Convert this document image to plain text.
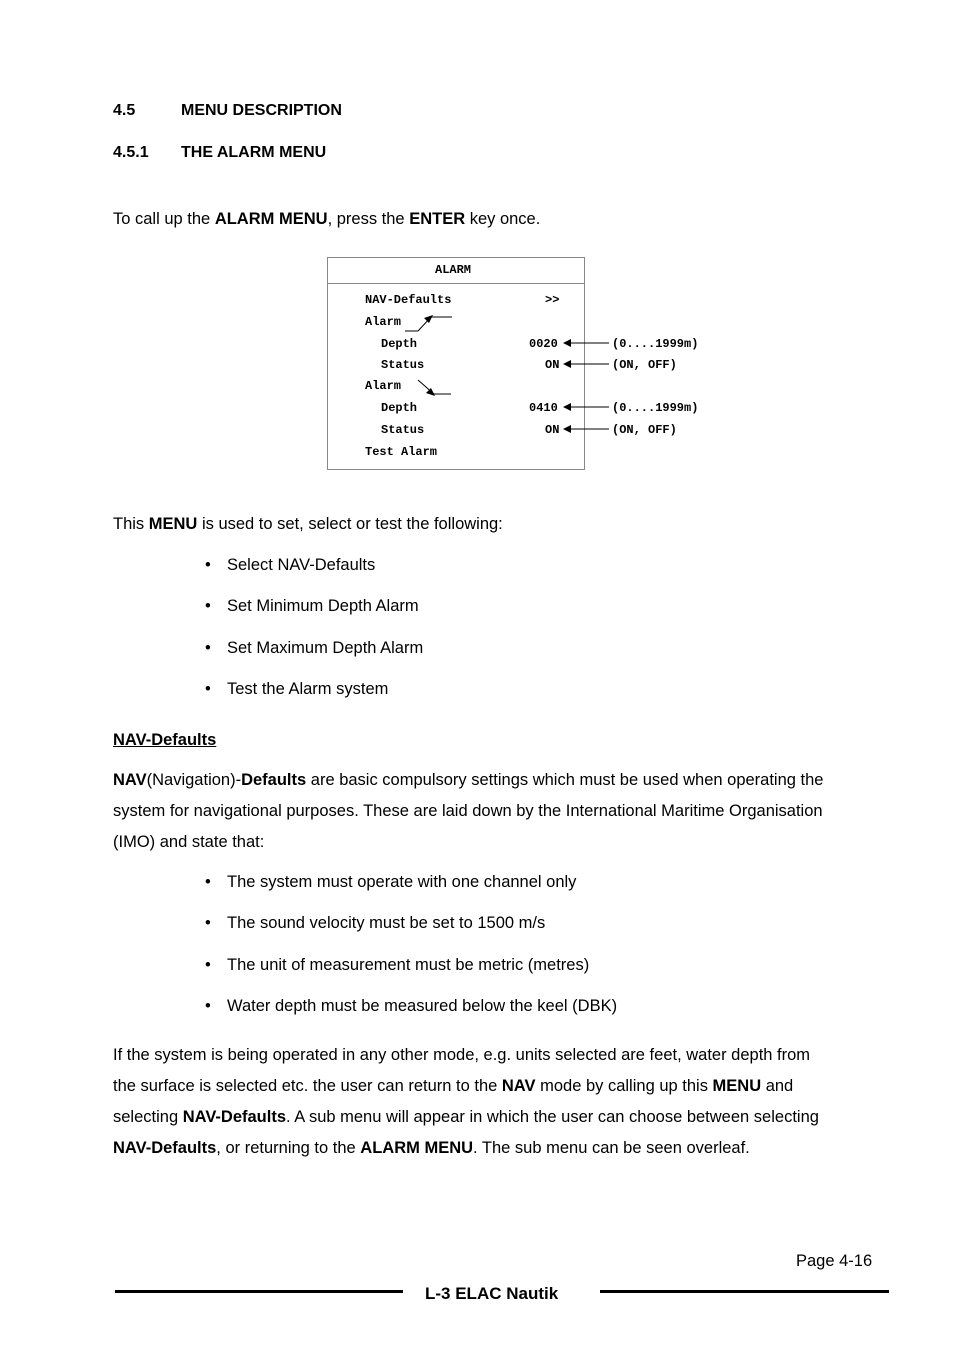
4.5	MENU DESCRIPTION
4.5.1 THE ALARM MENU
To call up the ALARM MENU, press the ENTER key once.
ALARM
NAV-Defaults	>>
Alarm
Depth	0020
Status	ON
Alarm
Depth	0410
Status	ON
Test Alarm
(0....1999m)
(ON, OFF)
(0....1999m)
(ON, OFF)
This MENU is used to set, select or test the following:
• Select NAV-Defaults
• Set Minimum Depth Alarm
• Set Maximum Depth Alarm
• Test the Alarm system
NAV-Defaults
NAV(Navigation)-Defaults are basic compulsory settings which must be used when operating the
system for navigational purposes. These are laid down by the International Maritime Organisation
(IMO) and state that:
• The system must operate with one channel only
• The sound velocity must be set to 1500 m/s
• The unit of measurement must be metric (metres)
• Water depth must be measured below the keel (DBK)
If the system is being operated in any other mode, e.g. units selected are feet, water depth from
the surface is selected etc. the user can return to the NAV mode by calling up this MENU and
selecting NAV-Defaults. A sub menu will appear in which the user can choose between selecting
NAV-Defaults, or returning to the ALARM MENU. The sub menu can be seen overleaf.
Page 4-16
L-3 ELAC Nautik
